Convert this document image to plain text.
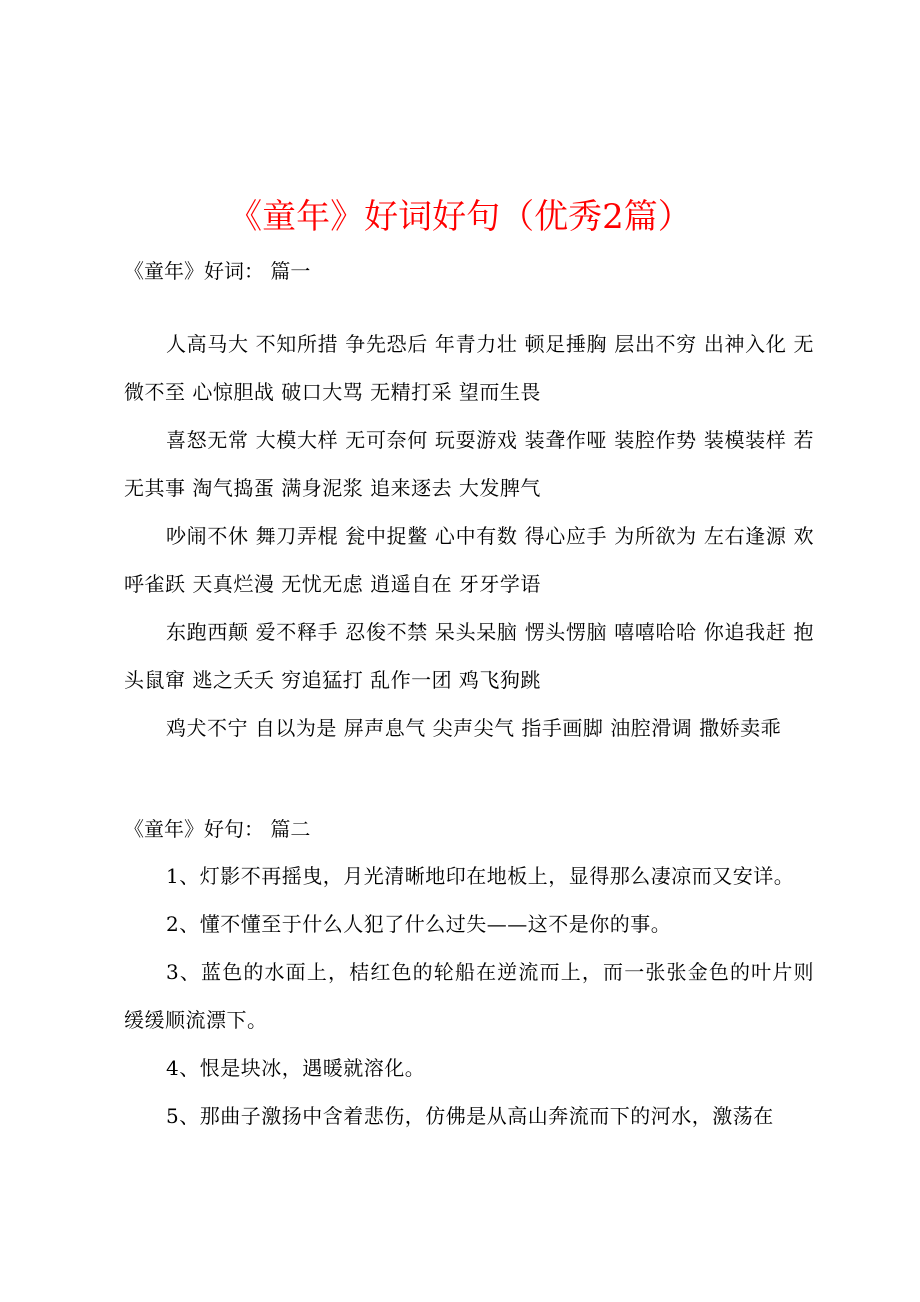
《童年》好词好句（优秀2篇）
《童年》好词： 篇一

人高马大 不知所措 争先恐后 年青力壮 顿足捶胸 层出不穷 出神入化 无微不至 心惊胆战 破口大骂 无精打采 望而生畏

喜怒无常 大模大样 无可奈何 玩耍游戏 装聋作哑 装腔作势 装模装样 若无其事 淘气捣蛋 满身泥浆 追来逐去 大发脾气

吵闹不休 舞刀弄棍 瓮中捉鳖 心中有数 得心应手 为所欲为 左右逢源 欢呼雀跃 天真烂漫 无忧无虑 逍遥自在 牙牙学语

东跑西颠 爱不释手 忍俊不禁 呆头呆脑 愣头愣脑 嘻嘻哈哈 你追我赶 抱头鼠窜 逃之夭夭 穷追猛打 乱作一团 鸡飞狗跳

鸡犬不宁 自以为是 屏声息气 尖声尖气 指手画脚 油腔滑调 撒娇卖乖

《童年》好句： 篇二

1、灯影不再摇曳，月光清晰地印在地板上，显得那么凄凉而又安详。

2、懂不懂至于什么人犯了什么过失——这不是你的事。

3、蓝色的水面上，桔红色的轮船在逆流而上，而一张张金色的叶片则缓缓顺流漂下。

4、恨是块冰，遇暖就溶化。

5、那曲子激扬中含着悲伤，仿佛是从高山奔流而下的河水，激荡在
